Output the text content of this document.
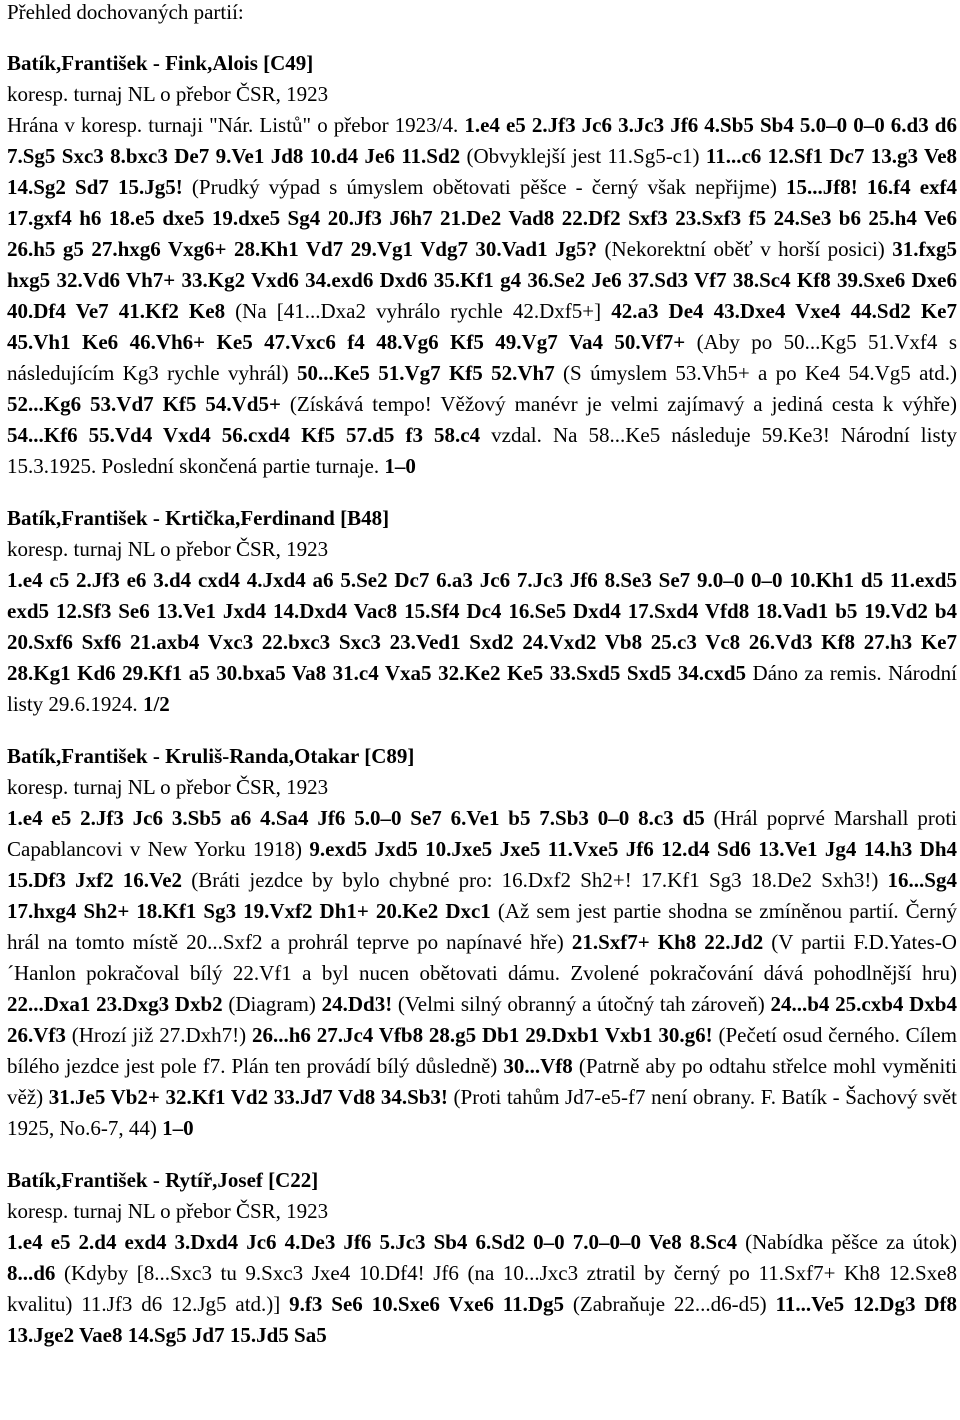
Přehled dochovaných partií:
Batík,František - Fink,Alois [C49]
koresp. turnaj NL o přebor ČSR, 1923
Hrána v koresp. turnaji "Nár. Listů" o přebor 1923/4. 1.e4 e5 2.Jf3 Jc6 3.Jc3 Jf6 4.Sb5 Sb4 5.0–0 0–0 6.d3 d6 7.Sg5 Sxc3 8.bxc3 De7 9.Ve1 Jd8 10.d4 Je6 11.Sd2 (Obvyklejší jest 11.Sg5-c1) 11...c6 12.Sf1 Dc7 13.g3 Ve8 14.Sg2 Sd7 15.Jg5! (Prudký výpad s úmyslem obětovati pěšce - černý však nepřijme) 15...Jf8! 16.f4 exf4 17.gxf4 h6 18.e5 dxe5 19.dxe5 Sg4 20.Jf3 J6h7 21.De2 Vad8 22.Df2 Sxf3 23.Sxf3 f5 24.Se3 b6 25.h4 Ve6 26.h5 g5 27.hxg6 Vxg6+ 28.Kh1 Vd7 29.Vg1 Vdg7 30.Vad1 Jg5? (Nekorektní oběť v horší posici) 31.fxg5 hxg5 32.Vd6 Vh7+ 33.Kg2 Vxd6 34.exd6 Dxd6 35.Kf1 g4 36.Se2 Je6 37.Sd3 Vf7 38.Sc4 Kf8 39.Sxe6 Dxe6 40.Df4 Ve7 41.Kf2 Ke8 (Na [41...Dxa2 vyhrálo rychle 42.Dxf5+] 42.a3 De4 43.Dxe4 Vxe4 44.Sd2 Ke7 45.Vh1 Ke6 46.Vh6+ Ke5 47.Vxc6 f4 48.Vg6 Kf5 49.Vg7 Va4 50.Vf7+ (Aby po 50...Kg5 51.Vxf4 s následujícím Kg3 rychle vyhrál) 50...Ke5 51.Vg7 Kf5 52.Vh7 (S úmyslem 53.Vh5+ a po Ke4 54.Vg5 atd.) 52...Kg6 53.Vd7 Kf5 54.Vd5+ (Získává tempo! Věžový manévr je velmi zajímavý a jediná cesta k výhře) 54...Kf6 55.Vd4 Vxd4 56.cxd4 Kf5 57.d5 f3 58.c4 vzdal. Na 58...Ke5 následuje 59.Ke3! Národní listy 15.3.1925. Poslední skončená partie turnaje. 1–0
Batík,František - Krtička,Ferdinand [B48]
koresp. turnaj NL o přebor ČSR, 1923
1.e4 c5 2.Jf3 e6 3.d4 cxd4 4.Jxd4 a6 5.Se2 Dc7 6.a3 Jc6 7.Jc3 Jf6 8.Se3 Se7 9.0–0 0–0 10.Kh1 d5 11.exd5 exd5 12.Sf3 Se6 13.Ve1 Jxd4 14.Dxd4 Vac8 15.Sf4 Dc4 16.Se5 Dxd4 17.Sxd4 Vfd8 18.Vad1 b5 19.Vd2 b4 20.Sxf6 Sxf6 21.axb4 Vxc3 22.bxc3 Sxc3 23.Ved1 Sxd2 24.Vxd2 Vb8 25.c3 Vc8 26.Vd3 Kf8 27.h3 Ke7 28.Kg1 Kd6 29.Kf1 a5 30.bxa5 Va8 31.c4 Vxa5 32.Ke2 Ke5 33.Sxd5 Sxd5 34.cxd5 Dáno za remis. Národní listy 29.6.1924. 1/2
Batík,František - Kruliš-Randa,Otakar [C89]
koresp. turnaj NL o přebor ČSR, 1923
1.e4 e5 2.Jf3 Jc6 3.Sb5 a6 4.Sa4 Jf6 5.0–0 Se7 6.Ve1 b5 7.Sb3 0–0 8.c3 d5 (Hrál poprvé Marshall proti Capablancovi v New Yorku 1918) 9.exd5 Jxd5 10.Jxe5 Jxe5 11.Vxe5 Jf6 12.d4 Sd6 13.Ve1 Jg4 14.h3 Dh4 15.Df3 Jxf2 16.Ve2 (Bráti jezdce by bylo chybné pro: 16.Dxf2 Sh2+! 17.Kf1 Sg3 18.De2 Sxh3!) 16...Sg4 17.hxg4 Sh2+ 18.Kf1 Sg3 19.Vxf2 Dh1+ 20.Ke2 Dxc1 (Až sem jest partie shodna se zmíněnou partií. Černý hrál na tomto místě 20...Sxf2 a prohrál teprve po napínavé hře) 21.Sxf7+ Kh8 22.Jd2 (V partii F.D.Yates-O´Hanlon pokračoval bílý 22.Vf1 a byl nucen obětovati dámu. Zvolené pokračování dává pohodlnější hru) 22...Dxa1 23.Dxg3 Dxb2 (Diagram) 24.Dd3! (Velmi silný obranný a útočný tah zároveň) 24...b4 25.cxb4 Dxb4 26.Vf3 (Hrozí již 27.Dxh7!) 26...h6 27.Jc4 Vfb8 28.g5 Db1 29.Dxb1 Vxb1 30.g6! (Pečetí osud černého. Cílem bílého jezdce jest pole f7. Plán ten provádí bílý důsledně) 30...Vf8 (Patrně aby po odtahu střelce mohl vyměniti věž) 31.Je5 Vb2+ 32.Kf1 Vd2 33.Jd7 Vd8 34.Sb3! (Proti tahům Jd7-e5-f7 není obrany. F. Batík - Šachový svět 1925, No.6-7, 44) 1–0
Batík,František - Rytíř,Josef [C22]
koresp. turnaj NL o přebor ČSR, 1923
1.e4 e5 2.d4 exd4 3.Dxd4 Jc6 4.De3 Jf6 5.Jc3 Sb4 6.Sd2 0–0 7.0–0–0 Ve8 8.Sc4 (Nabídka pěšce za útok) 8...d6 (Kdyby [8...Sxc3 tu 9.Sxc3 Jxe4 10.Df4! Jf6 (na 10...Jxc3 ztratil by černý po 11.Sxf7+ Kh8 12.Sxe8 kvalitu) 11.Jf3 d6 12.Jg5 atd.)] 9.f3 Se6 10.Sxe6 Vxe6 11.Dg5 (Zabraňuje 22...d6-d5) 11...Ve5 12.Dg3 Df8 13.Jge2 Vae8 14.Sg5 Jd7 15.Jd5 Sa5
